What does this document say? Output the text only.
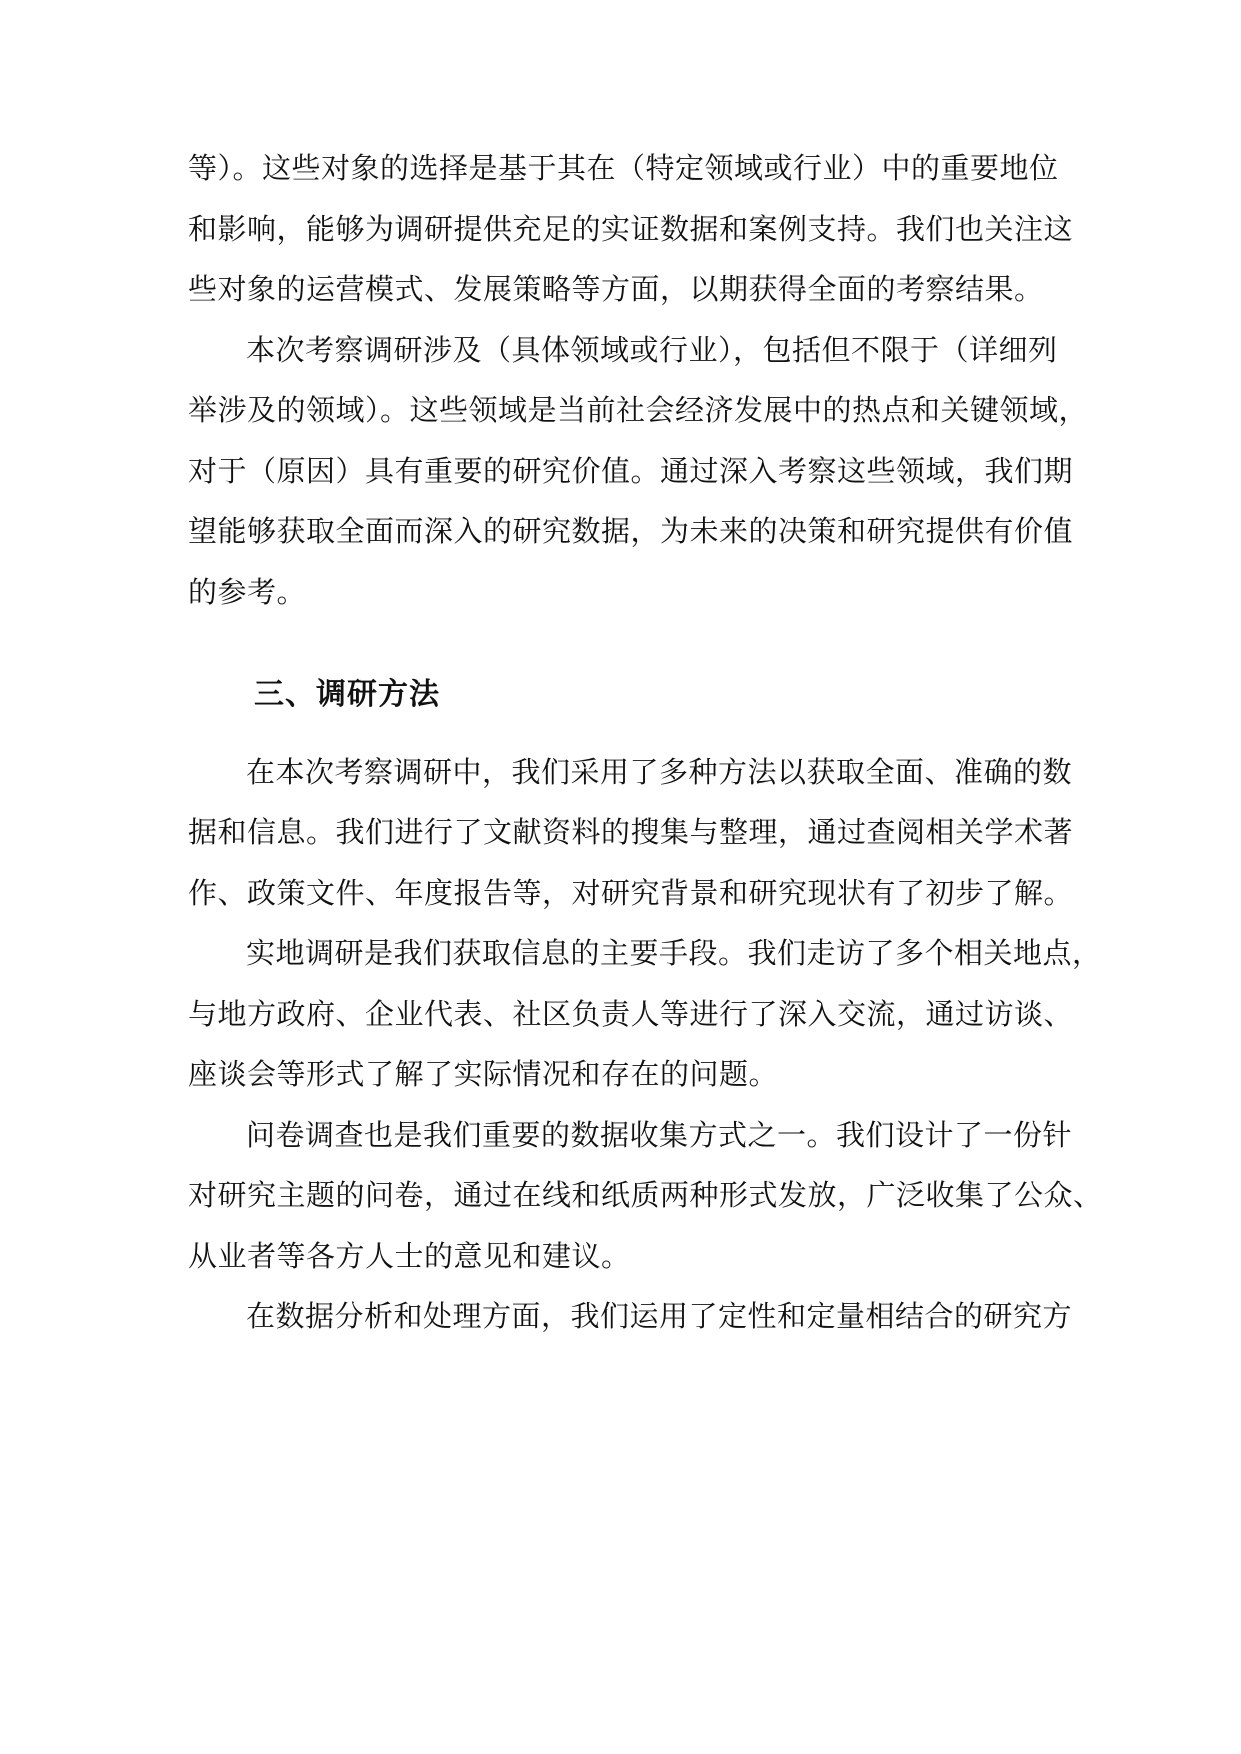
等）。这些对象的选择是基于其在（特定领域或行业）中的重要地位
和影响，能够为调研提供充足的实证数据和案例支持。我们也关注这
些对象的运营模式、发展策略等方面，以期获得全面的考察结果。
本次考察调研涉及（具体领域或行业），包括但不限于（详细列
举涉及的领域）。这些领域是当前社会经济发展中的热点和关键领域，
对于（原因）具有重要的研究价值。通过深入考察这些领域，我们期
望能够获取全面而深入的研究数据，为未来的决策和研究提供有价值
的参考。
三、调研方法
在本次考察调研中，我们采用了多种方法以获取全面、准确的数
据和信息。我们进行了文献资料的搜集与整理，通过查阅相关学术著
作、政策文件、年度报告等，对研究背景和研究现状有了初步了解。
实地调研是我们获取信息的主要手段。我们走访了多个相关地点，
与地方政府、企业代表、社区负责人等进行了深入交流，通过访谈、
座谈会等形式了解了实际情况和存在的问题。
问卷调查也是我们重要的数据收集方式之一。我们设计了一份针
对研究主题的问卷，通过在线和纸质两种形式发放，广泛收集了公众、
从业者等各方人士的意见和建议。
在数据分析和处理方面，我们运用了定性和定量相结合的研究方
